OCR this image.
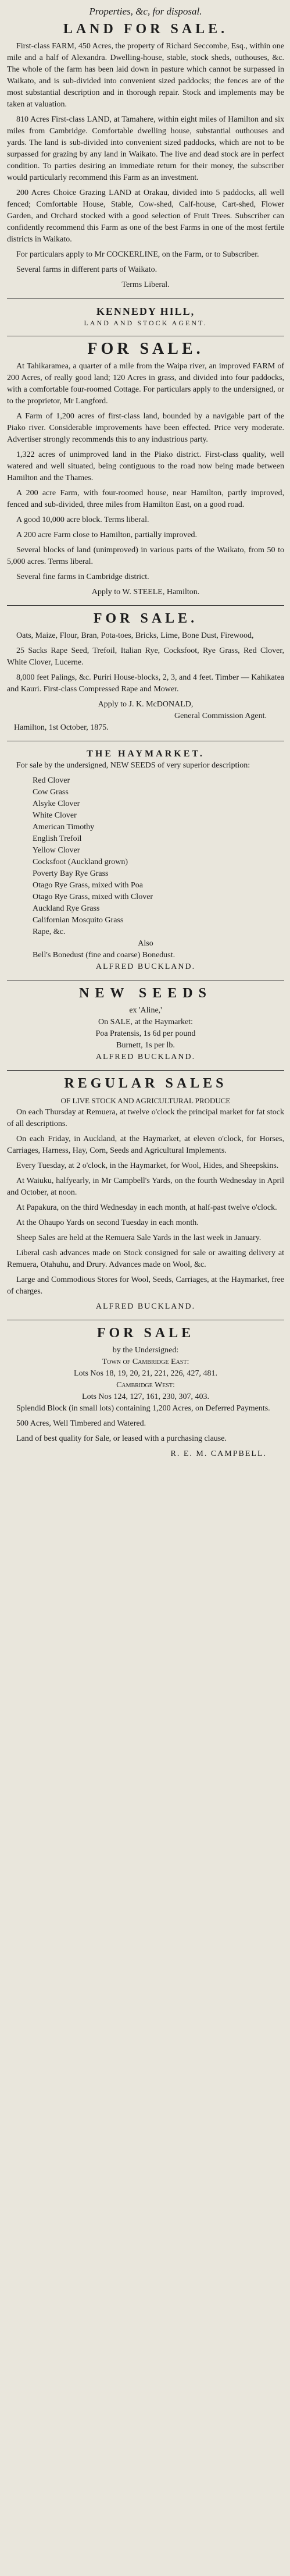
Properties, &c, for disposal.
LAND FOR SALE.

First-class FARM, 450 Acres, the property of Richard Seccombe, Esq., within one mile and a half of Alexandra. Dwelling-house, stable, stock sheds, outhouses, &c. The whole of the farm has been laid down in pasture which cannot be surpassed in Waikato, and is sub-divided into convenient sized paddocks; the fences are of the most substantial description and in thorough repair. Stock and implements may be taken at valuation.

810 Acres First-class LAND, at Tamahere, within eight miles of Hamilton and six miles from Cambridge. Comfortable dwelling house, substantial outhouses and yards. The land is sub-divided into convenient sized paddocks, which are not to be surpassed for grazing by any land in Waikato. The live and dead stock are in perfect condition. To parties desiring an immediate return for their money, the subscriber would particularly recommend this Farm as an investment.

200 Acres Choice Grazing LAND at Orakau, divided into 5 paddocks, all well fenced; Comfortable House, Stable, Cow-shed, Calf-house, Cart-shed, Flower Garden, and Orchard stocked with a good selection of Fruit Trees. Subscriber can confidently recommend this Farm as one of the best Farms in one of the most fertile districts in Waikato.

For particulars apply to Mr COCKERLINE, on the Farm, or to Subscriber.

Several farms in different parts of Waikato.

Terms Liberal.
KENNEDY HILL,
LAND AND STOCK AGENT.
FOR SALE.

At Tahikaramea, a quarter of a mile from the Waipa river, an improved FARM of 200 Acres, of really good land; 120 Acres in grass, and divided into four paddocks, with a comfortable four-roomed Cottage. For particulars apply to the undersigned, or to the proprietor, Mr Langford.

A Farm of 1,200 acres of first-class land, bounded by a navigable part of the Piako river. Considerable improvements have been effected. Price very moderate. Advertiser strongly recommends this to any industrious party.

1,322 acres of unimproved land in the Piako district. First-class quality, well watered and well situated, being contiguous to the road now being made between Hamilton and the Thames.

A 200 acre Farm, with four-roomed house, near Hamilton, partly improved, fenced and sub-divided, three miles from Hamilton East, on a good road.

A good 10,000 acre block. Terms liberal.

A 200 acre Farm close to Hamilton, partially improved.

Several blocks of land (unimproved) in various parts of the Waikato, from 50 to 5,000 acres. Terms liberal.

Several fine farms in Cambridge district.

Apply to W. STEELE, Hamilton.
FOR SALE.

Oats, Maize, Flour, Bran, Pota-toes, Bricks, Lime, Bone Dust, Firewood,

25 Sacks Rape Seed, Trefoil, Italian Rye, Cocksfoot, Rye Grass, Red Clover, White Clover, Lucerne.

8,000 feet Palings, &c. Puriri House-blocks, 2, 3, and 4 feet. Timber — Kahikatea and Kauri. First-class Compressed Rape and Mower.

Apply to J. K. McDONALD,
General Commission Agent.
Hamilton, 1st October, 1875.
THE HAYMARKET.

For sale by the undersigned, NEW SEEDS of very superior description:

Red Clover
Cow Grass
Alsyke Clover
White Clover
American Timothy
English Trefoil
Yellow Clover
Cocksfoot (Auckland grown)
Poverty Bay Rye Grass
Otago Rye Grass, mixed with Poa
Otago Rye Grass, mixed with Clover
Auckland Rye Grass
Californian Mosquito Grass
Rape, &c.
Also
Bell's Bonedust (fine and coarse) Bonedust.
ALFRED BUCKLAND.
NEW SEEDS
ex 'Aline,'
On SALE, at the Haymarket:
Poa Pratensis, 1s 6d per pound
Burnett, 1s per lb.
ALFRED BUCKLAND.
REGULAR SALES
OF LIVE STOCK AND AGRICULTURAL PRODUCE

On each Thursday at Remuera, at twelve o'clock the principal market for fat stock of all descriptions.

On each Friday, in Auckland, at the Haymarket, at eleven o'clock, for Horses, Carriages, Harness, Hay, Corn, Seeds and Agricultural Implements.

Every Tuesday, at 2 o'clock, in the Haymarket, for Wool, Hides, and Sheepskins.

At Waiuku, halfyearly, in Mr Campbell's Yards, on the fourth Wednesday in April and October, at noon.

At Papakura, on the third Wednesday in each month, at half-past twelve o'clock.

At the Ohaupo Yards on second Tuesday in each month.

Sheep Sales are held at the Remuera Sale Yards in the last week in January.

Liberal cash advances made on Stock consigned for sale or awaiting delivery at Remuera, Otahuhu, and Drury. Advances made on Wool, &c.

Large and Commodious Stores for Wool, Seeds, Carriages, at the Haymarket, free of charges.

ALFRED BUCKLAND.
FOR SALE
by the Undersigned:
Town of Cambridge East:
Lots Nos 18, 19, 20, 21, 221, 226, 427, 481.
Cambridge West:
Lots Nos 124, 127, 161, 230, 307, 403.

Splendid Block (in small lots) containing 1,200 Acres, on Deferred Payments.

500 Acres, Well Timbered and Watered.

Land of best quality for Sale, or leased with a purchasing clause.

R. E. M. CAMPBELL.
